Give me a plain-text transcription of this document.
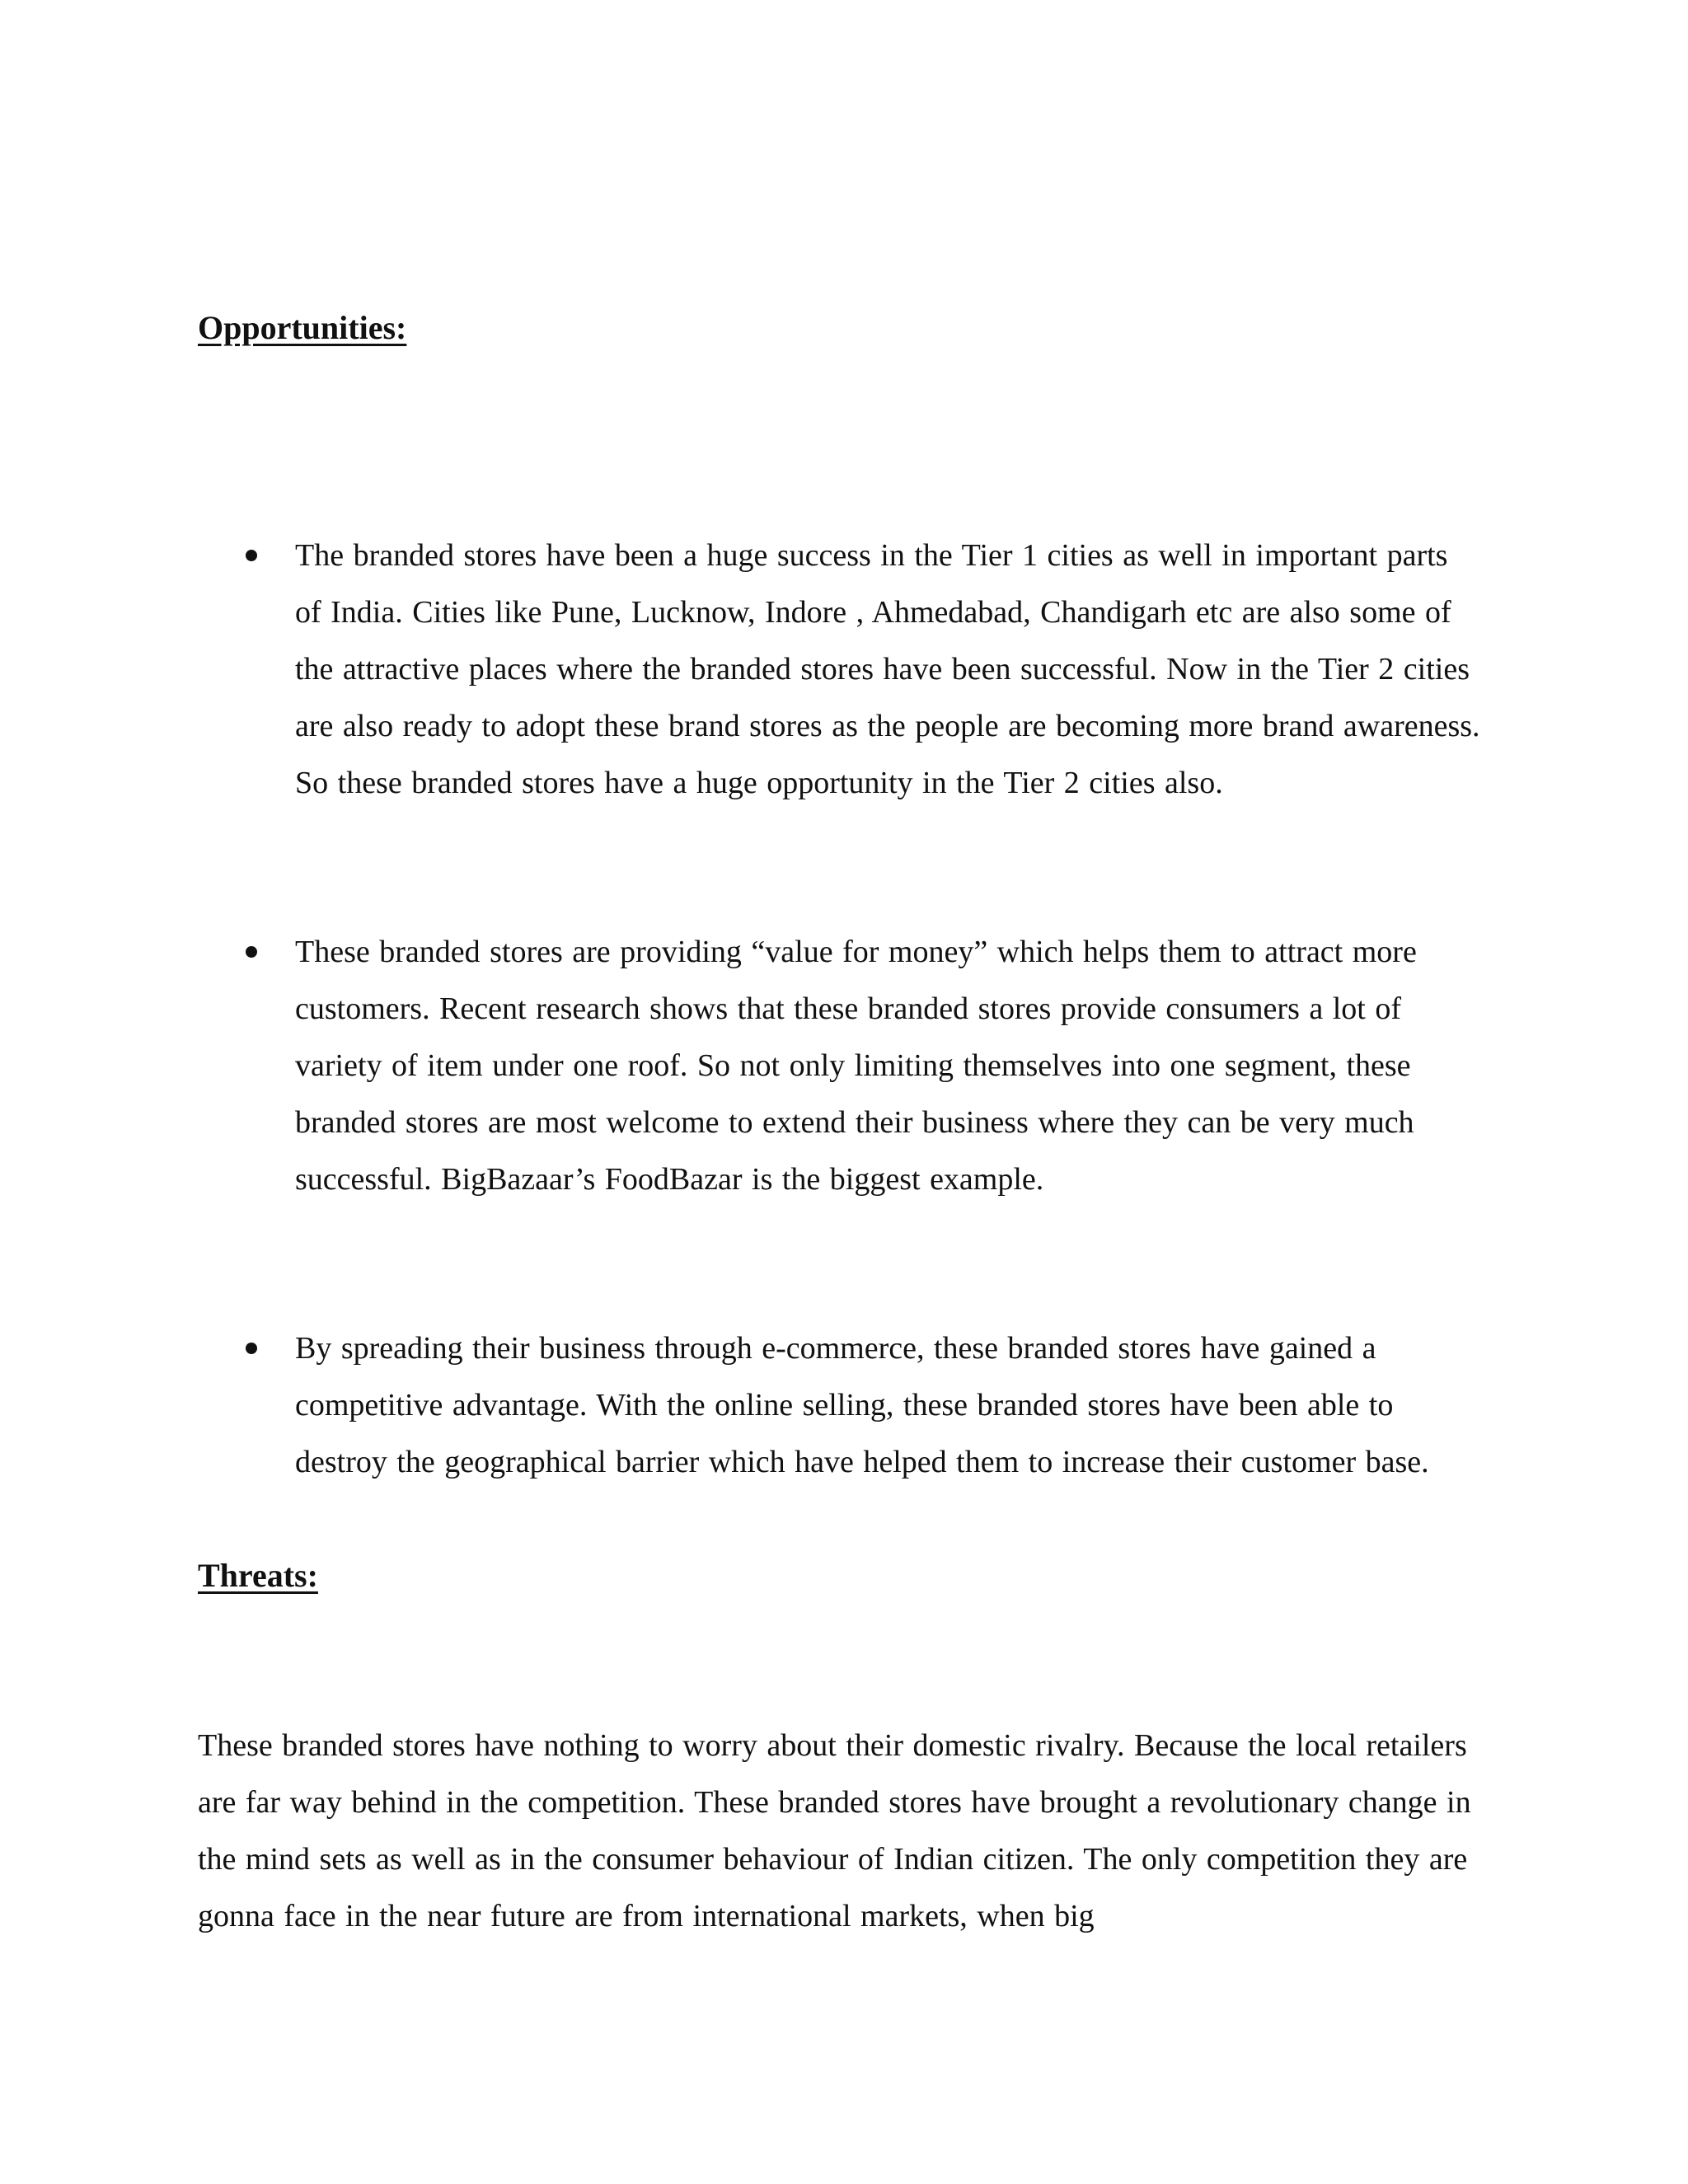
Opportunities:

The branded stores have been a huge success in the Tier 1 cities as well in important parts of India. Cities like Pune, Lucknow, Indore , Ahmedabad, Chandigarh etc are also some of the attractive places where the branded stores have been successful. Now in the Tier 2 cities are also ready to adopt these brand stores as the people are becoming more brand awareness. So these branded stores have a huge opportunity in the Tier 2 cities also.

These branded stores are providing “value for money” which helps them to attract more customers. Recent research shows that these branded stores provide consumers a lot of variety of item under one roof. So not only limiting themselves into one segment, these branded stores are most welcome to extend their business where they can be very much successful. BigBazaar’s FoodBazar is the biggest example.

By spreading their business through e-commerce, these branded stores have gained a competitive advantage. With the online selling, these branded stores have been able to destroy the geographical barrier which have helped them to increase their customer base.

Threats:

These branded stores have nothing to worry about their domestic rivalry. Because the local retailers are far way behind in the competition. These branded stores have brought a revolutionary change in the mind sets as well as in the consumer behaviour of Indian citizen. The only competition they are gonna face in the near future are from international markets, when big
